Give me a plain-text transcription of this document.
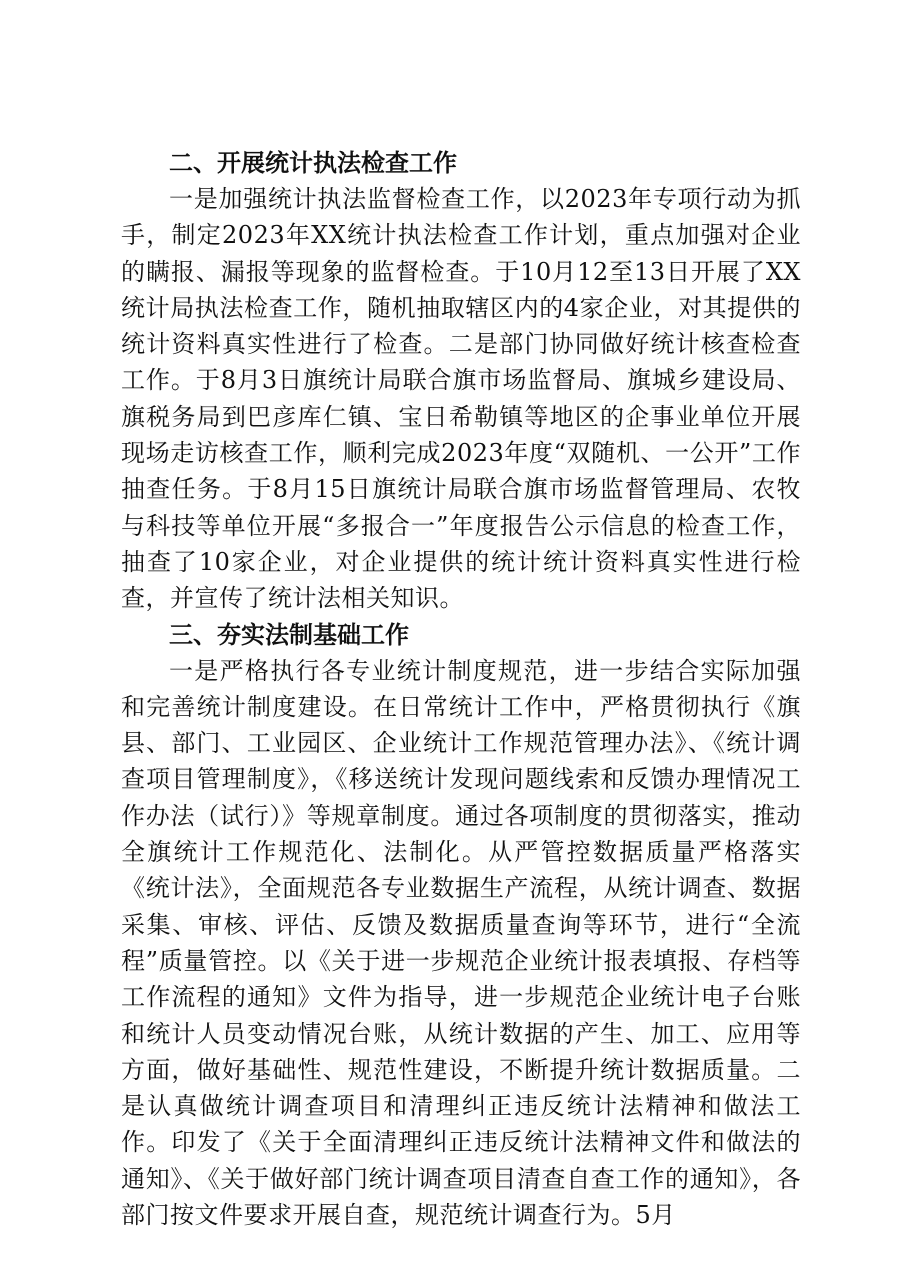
二、开展统计执法检查工作

一是加强统计执法监督检查工作，以2023年专项行动为抓手，制定2023年XX统计执法检查工作计划，重点加强对企业的瞒报、漏报等现象的监督检查。于10月12至13日开展了XX统计局执法检查工作，随机抽取辖区内的4家企业，对其提供的统计资料真实性进行了检查。二是部门协同做好统计核查检查工作。于8月3日旗统计局联合旗市场监督局、旗城乡建设局、旗税务局到巴彦库仁镇、宝日希勒镇等地区的企事业单位开展现场走访核查工作，顺利完成2023年度“双随机、一公开”工作抽查任务。于8月15日旗统计局联合旗市场监督管理局、农牧与科技等单位开展“多报合一”年度报告公示信息的检查工作，抽查了10家企业，对企业提供的统计统计资料真实性进行检查，并宣传了统计法相关知识。

三、夯实法制基础工作

一是严格执行各专业统计制度规范，进一步结合实际加强和完善统计制度建设。在日常统计工作中，严格贯彻执行《旗县、部门、工业园区、企业统计工作规范管理办法》、《统计调查项目管理制度》，《移送统计发现问题线索和反馈办理情况工作办法（试行）》等规章制度。通过各项制度的贯彻落实，推动全旗统计工作规范化、法制化。从严管控数据质量严格落实《统计法》，全面规范各专业数据生产流程，从统计调查、数据采集、审核、评估、反馈及数据质量查询等环节，进行“全流程”质量管控。以《关于进一步规范企业统计报表填报、存档等工作流程的通知》文件为指导，进一步规范企业统计电子台账和统计人员变动情况台账，从统计数据的产生、加工、应用等方面，做好基础性、规范性建设，不断提升统计数据质量。二是认真做统计调查项目和清理纠正违反统计法精神和做法工作。印发了《关于全面清理纠正违反统计法精神文件和做法的通知》、《关于做好部门统计调查项目清查自查工作的通知》，各部门按文件要求开展自查，规范统计调查行为。5月
